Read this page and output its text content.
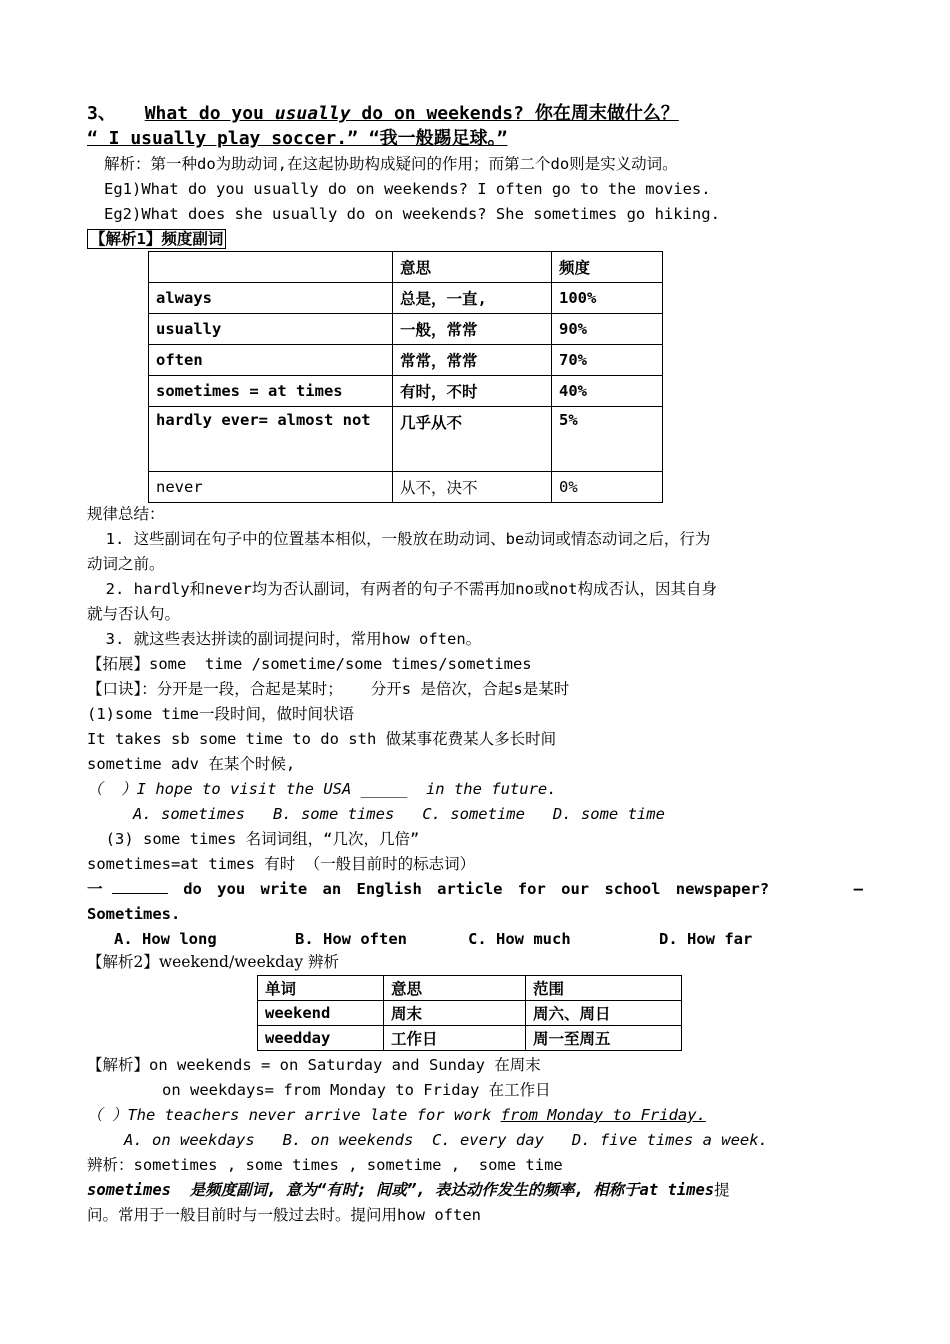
3、 What do you usually do on weekends? 你在周末做什么？
“ I usually play soccer.” “我一般踢足球。”
解析：第一种do为助动词,在这起协助构成疑问的作用；而第二个do则是实义动词。
Eg1)What do you usually do on weekends? I often go to the movies.
Eg2)What does she usually do on weekends? She sometimes go hiking.
【解析1】频度副词
	意思	频度
always	总是，一直,	100%
usually	一般，常常	90%
often	常常，常常	70%
sometimes = at times	有时，不时	40%
hardly ever= almost not	几乎从不	5%
never	从不，决不	0%
规律总结：
1. 这些副词在句子中的位置基本相似，一般放在助动词、be动词或情态动词之后，行为
动词之前。
2. hardly和never均为否认副词，有两者的句子不需再加no或not构成否认，因其自身
就与否认句。
3. 就这些表达拼读的副词提问时，常用how often。
【拓展】some  time /sometime/some times/sometimes
【口诀】：分开是一段，合起是某时；   分开s 是倍次，合起s是某时
(1)some time一段时间，做时间状语
It takes sb some time to do sth 做某事花费某人多长时间
sometime adv 在某个时候,
（  ）I hope to visit the USA _____  in the future.
A. sometimes   B. some times   C. sometime   D. some time
(3) some times 名词词组，“几次，几倍”
sometimes=at times 有时 （一般目前时的标志词）
一	do you write an English article for our school newspaper?	—
Sometimes.
A. How long	B. How often	C. How much	D. How far
【解析2】weekend/weekday 辨析
单词	意思	范围
weekend	周末	周六、周日
weedday	工作日	周一至周五
【解析】on weekends = on Saturday and Sunday 在周末
on weekdays= from Monday to Friday 在工作日
（ ）The teachers never arrive late for work from Monday to Friday.
A. on weekdays   B. on weekends  C. every day   D. five times a week.
辨析：sometimes , some times , sometime ,  some time
sometimes  是频度副词, 意为“有时; 间或”, 表达动作发生的频率, 相称于at times提
问。常用于一般目前时与一般过去时。提问用how often
